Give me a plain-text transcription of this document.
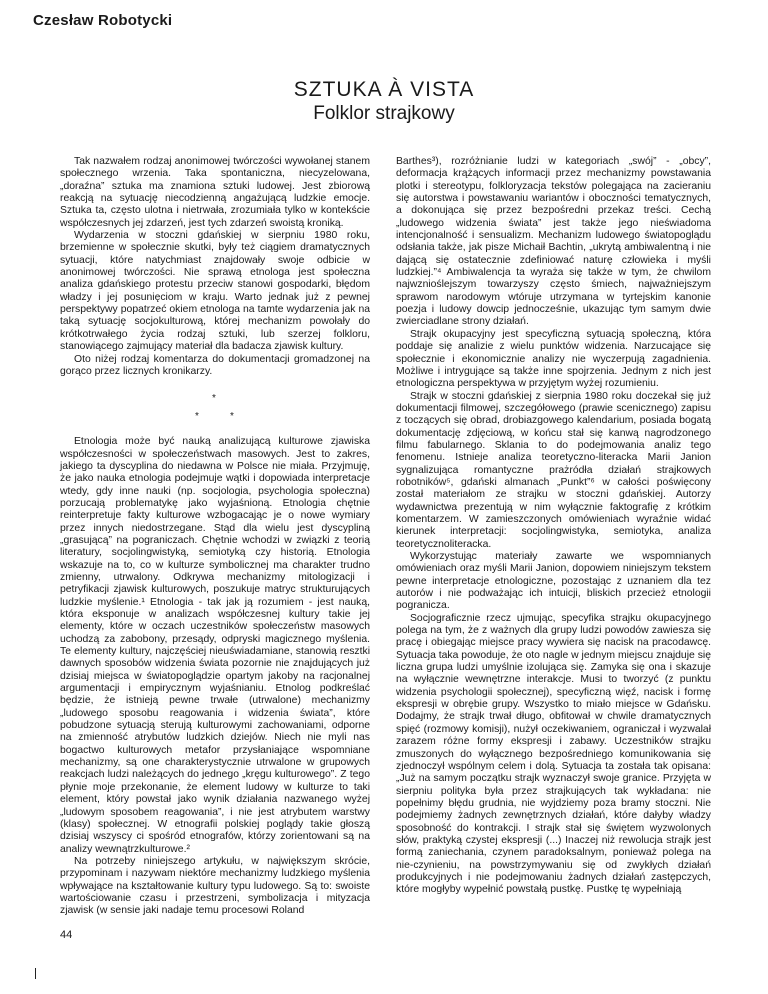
Czesław Robotycki
SZTUKA À VISTA
Folklor strajkowy

Tak nazwałem rodzaj anonimowej twórczości wywołanej stanem społecznego wrzenia. Taka spontaniczna, niecyzelowana, „doraźna” sztuka ma znamiona sztuki ludowej. Jest zbiorową reakcją na sytuację niecodzienną angażującą ludzkie emocje. Sztuka ta, często ulotna i nietrwała, zrozumiała tylko w kontekście współczesnych jej zdarzeń, jest tych zdarzeń swoistą kroniką.

Wydarzenia w stoczni gdańskiej w sierpniu 1980 roku, brzemienne w społecznie skutki, były też ciągiem dramatycznych sytuacji, które natychmiast znajdowały swoje odbicie w anonimowej twórczości. Nie sprawą etnologa jest społeczna analiza gdańskiego protestu przeciw stanowi gospodarki, błędom władzy i jej posunięciom w kraju. Warto jednak już z pewnej perspektywy popatrzeć okiem etnologa na tamte wydarzenia jak na taką sytuację socjokulturową, której mechanizm powołały do krótkotrwałego życia rodzaj sztuki, lub szerzej folkloru, stanowiącego zajmujący materiał dla badacza zjawisk kultury.

Oto niżej rodzaj komentarza do dokumentacji gromadzonej na gorąco przez licznych kronikarzy.

*
*	*

Etnologia może być nauką analizującą kulturowe zjawiska współczesności w społeczeństwach masowych. Jest to zakres, jakiego ta dyscyplina do niedawna w Polsce nie miała. Przyjmuję, że jako nauka etnologia podejmuje wątki i dopowiada interpretacje wtedy, gdy inne nauki (np. socjologia, psychologia społeczna) porzucają problematykę jako wyjaśnioną. Etnologia chętnie reinterpretuje fakty kulturowe wzbogacając je o nowe wymiary przez innych niedostrzegane. Stąd dla wielu jest dyscypliną „grasującą” na pograniczach. Chętnie wchodzi w związki z teorią literatury, socjolingwistyką, semiotyką czy historią. Etnologia wskazuje na to, co w kulturze symbolicznej ma charakter trudno zmienny, utrwalony. Odkrywa mechanizmy mitologizacji i petryfikacji zjawisk kulturowych, poszukuje matryc strukturujących ludzkie myślenie.¹ Etnologia - tak jak ją rozumiem - jest nauką, która eksponuje w analizach współczesnej kultury takie jej elementy, które w oczach uczestników społeczeństw masowych uchodzą za zabobony, przesądy, odpryski magicznego myślenia. Te elementy kultury, najczęściej nieuświadamiane, stanowią resztki dawnych sposobów widzenia świata pozornie nie znajdujących już dzisiaj miejsca w światopoglądzie opartym jakoby na racjonalnej argumentacji i empirycznym wyjaśnianiu. Etnolog podkreślać będzie, że istnieją pewne trwałe (utrwalone) mechanizmy „ludowego sposobu reagowania i widzenia świata”, które pobudzone sytuacją sterują kulturowymi zachowaniami, odporne na zmienność atrybutów ludzkich dziejów. Niech nie myli nas bogactwo kulturowych metafor przysłaniające wspomniane mechanizmy, są one charakterystycznie utrwalone w grupowych reakcjach ludzi należących do jednego „kręgu kulturowego”. Z tego płynie moje przekonanie, że element ludowy w kulturze to taki element, który powstał jako wynik działania nazwanego wyżej „ludowym sposobem reagowania”, i nie jest atrybutem warstwy (klasy) społecznej. W etnografii polskiej poglądy takie głoszą dzisiaj wszyscy ci spośród etnografów, którzy zorientowani są na analizy wewnątrzkulturowe.²

Na potrzeby niniejszego artykułu, w największym skrócie, przypominam i nazywam niektóre mechanizmy ludzkiego myślenia wpływające na kształtowanie kultury typu ludowego. Są to: swoiste wartościowanie czasu i przestrzeni, symbolizacja i mityzacja zjawisk (w sensie jaki nadaje temu procesowi Roland

Barthes³), rozróżnianie ludzi w kategoriach „swój” - „obcy”, deformacja krążących informacji przez mechanizmy powstawania plotki i stereotypu, folkloryzacja tekstów polegająca na zacieraniu się autorstwa i powstawaniu wariantów i oboczności tematycznych, a dokonująca się przez bezpośredni przekaz treści. Cechą „ludowego widzenia świata” jest także jego nieświadoma intencjonalność i sensualizm. Mechanizm ludowego światopoglądu odsłania także, jak pisze Michaił Bachtin, „ukrytą ambiwalentną i nie dającą się ostatecznie zdefiniować naturę człowieka i myśli ludzkiej.”⁴ Ambiwalencja ta wyraża się także w tym, że chwilom najwznioślejszym towarzyszy często śmiech, najważniejszym sprawom narodowym wtóruje utrzymana w tyrtejskim kanonie poezja i ludowy dowcip jednocześnie, ukazując tym samym dwie zwierciadlane strony działań.

Strajk okupacyjny jest specyficzną sytuacją społeczną, która poddaje się analizie z wielu punktów widzenia. Narzucające się społecznie i ekonomicznie analizy nie wyczerpują zagadnienia. Możliwe i intrygujące są także inne spojrzenia. Jednym z nich jest etnologiczna perspektywa w przyjętym wyżej rozumieniu.

Strajk w stoczni gdańskiej z sierpnia 1980 roku doczekał się już dokumentacji filmowej, szczegółowego (prawie scenicznego) zapisu z toczących się obrad, drobiazgowego kalendarium, posiada bogatą dokumentację zdjęciową, w końcu stał się kanwą nagrodzonego filmu fabularnego. Sklania to do podejmowania analiz tego fenomenu. Istnieje analiza teoretyczno-literacka Marii Janion sygnalizująca romantyczne prażródła działań strajkowych robotników⁵, gdański almanach „Punkt”⁶ w całości poświęcony został materiałom ze strajku w stoczni gdańskiej. Autorzy wydawnictwa prezentują w nim wyłącznie faktografię z krótkim komentarzem. W zamieszczonych omówieniach wyraźnie widać kierunek interpretacji: socjolingwistyka, semiotyka, analiza teoretycznoliteracka.

Wykorzystując materiały zawarte we wspomnianych omówieniach oraz myśli Marii Janion, dopowiem niniejszym tekstem pewne interpretacje etnologiczne, pozostając z uznaniem dla tez autorów i nie podważając ich intuicji, bliskich przecież etnologii pogranicza.

Socjograficznie rzecz ujmując, specyfika strajku okupacyjnego polega na tym, że z ważnych dla grupy ludzi powodów zawiesza się pracę i obiegając miejsce pracy wywiera się nacisk na pracodawcę. Sytuacja taka powoduje, że oto nagle w jednym miejscu znajduje się liczna grupa ludzi umyślnie izolująca się. Zamyka się ona i skazuje na wyłącznie wewnętrzne interakcje. Musi to tworzyć (z punktu widzenia psychologii społecznej), specyficzną więź, nacisk i formę ekspresji w obrębie grupy. Wszystko to miało miejsce w Gdańsku. Dodajmy, że strajk trwał długo, obfitował w chwile dramatycznych spięć (rozmowy komisji), nużył oczekiwaniem, ograniczał i wyzwalał zarazem różne formy ekspresji i zabawy. Uczestników strajku zmuszonych do wyłącznego bezpośredniego komunikowania się zjednoczył wspólnym celem i dolą. Sytuacja ta została tak opisana: „Już na samym początku strajk wyznaczył swoje granice. Przyjęta w sierpniu polityka była przez strajkujących tak wykładana: nie popełnimy błędu grudnia, nie wyjdziemy poza bramy stoczni. Nie podejmiemy żadnych zewnętrznych działań, które dałyby władzy sposobność do kontrakcji. I strajk stał się świętem wyzwolonych słów, praktyką czystej ekspresji (...) Inaczej niż rewolucja strajk jest formą zaniechania, czynem paradoksalnym, ponieważ polega na nie-czynieniu, na powstrzymywaniu się od zwykłych działań produkcyjnych i nie podejmowaniu żadnych działań zastępczych, które mogłyby wypełnić powstałą pustkę. Pustkę tę wypełniają

44
